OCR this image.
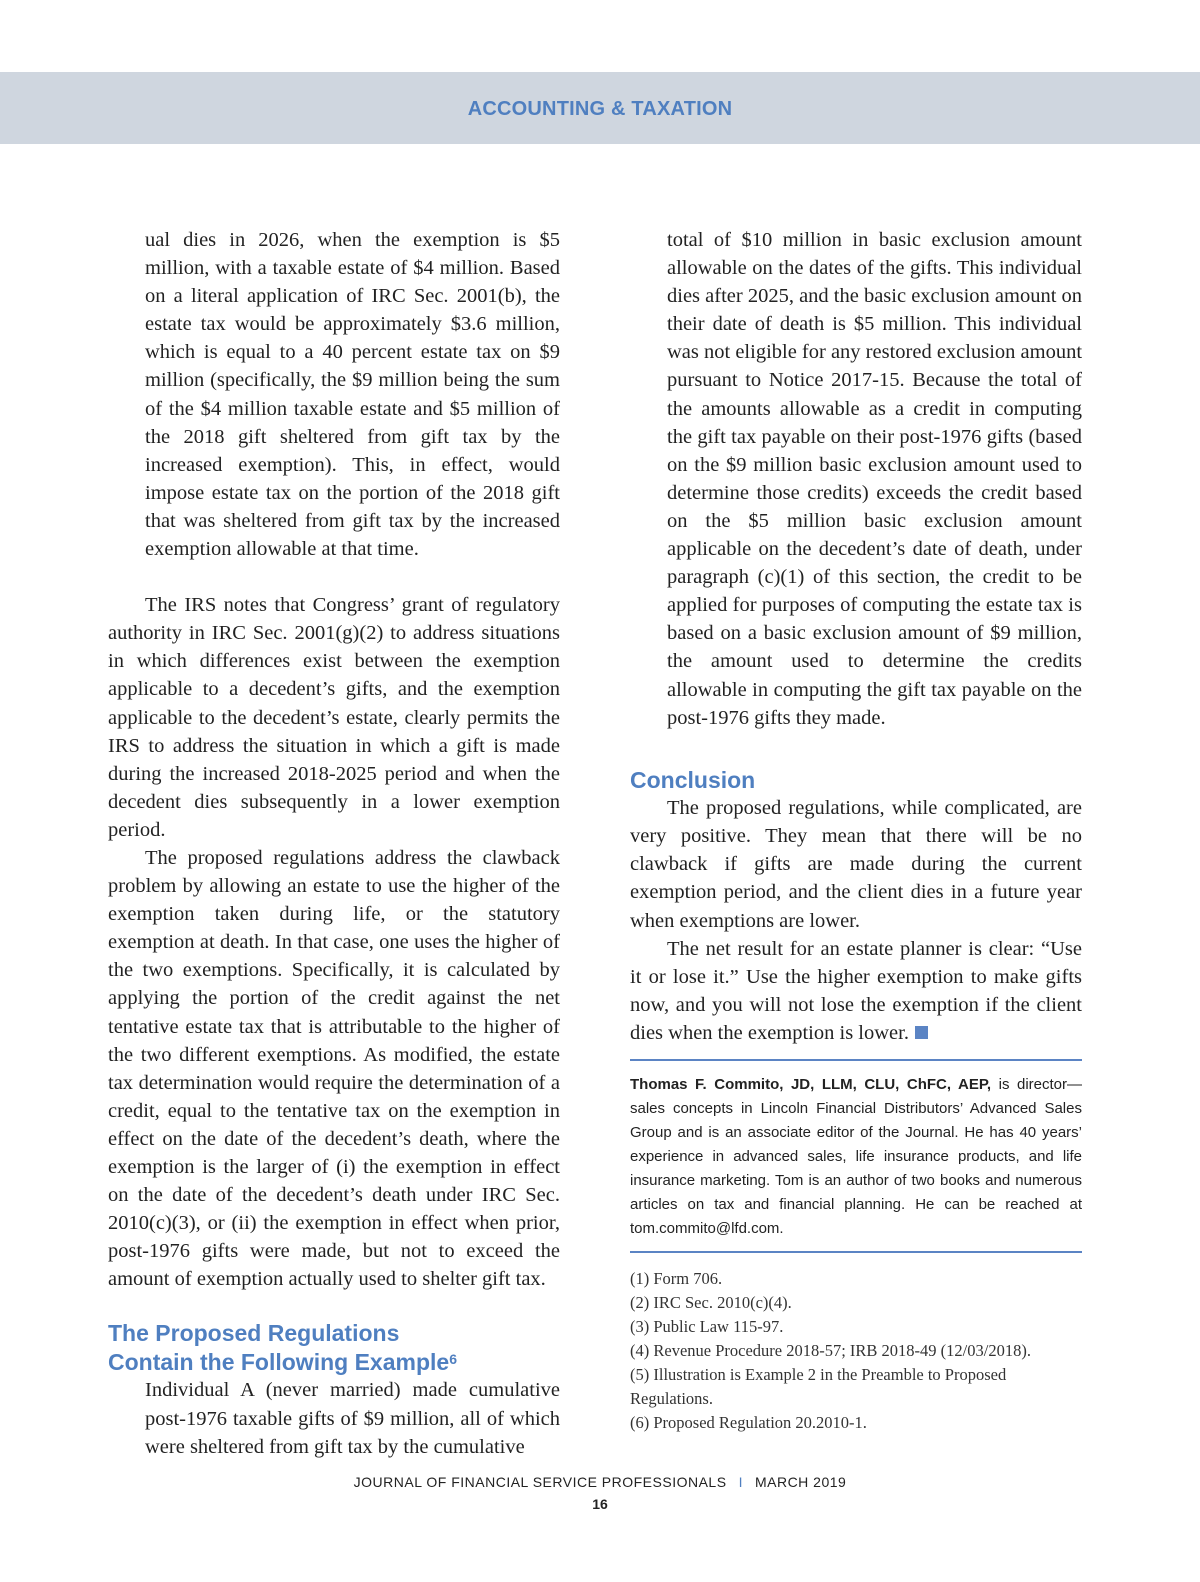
ACCOUNTING & TAXATION

ual dies in 2026, when the exemption is $5 million, with a taxable estate of $4 million. Based on a literal application of IRC Sec. 2001(b), the estate tax would be approximately $3.6 million, which is equal to a 40 percent estate tax on $9 million (specifically, the $9 million being the sum of the $4 million taxable estate and $5 million of the 2018 gift sheltered from gift tax by the increased exemption). This, in effect, would impose estate tax on the portion of the 2018 gift that was sheltered from gift tax by the increased exemption allowable at that time.

The IRS notes that Congress’ grant of regulatory authority in IRC Sec. 2001(g)(2) to address situations in which differences exist between the exemption applicable to a decedent’s gifts, and the exemption applicable to the decedent’s estate, clearly permits the IRS to address the situation in which a gift is made during the increased 2018-2025 period and when the decedent dies subsequently in a lower exemption period.

The proposed regulations address the clawback problem by allowing an estate to use the higher of the exemption taken during life, or the statutory exemption at death. In that case, one uses the higher of the two exemptions. Specifically, it is calculated by applying the portion of the credit against the net tentative estate tax that is attributable to the higher of the two different exemptions. As modified, the estate tax determination would require the determination of a credit, equal to the tentative tax on the exemption in effect on the date of the decedent’s death, where the exemption is the larger of (i) the exemption in effect on the date of the decedent’s death under IRC Sec. 2010(c)(3), or (ii) the exemption in effect when prior, post-1976 gifts were made, but not to exceed the amount of exemption actually used to shelter gift tax.

The Proposed Regulations
Contain the Following Example$^6$

Individual A (never married) made cumulative post-1976 taxable gifts of $9 million, all of which were sheltered from gift tax by the cumulative

total of $10 million in basic exclusion amount allowable on the dates of the gifts. This individual dies after 2025, and the basic exclusion amount on their date of death is $5 million. This individual was not eligible for any restored exclusion amount pursuant to Notice 2017-15. Because the total of the amounts allowable as a credit in computing the gift tax payable on their post-1976 gifts (based on the $9 million basic exclusion amount used to determine those credits) exceeds the credit based on the $5 million basic exclusion amount applicable on the decedent’s date of death, under paragraph (c)(1) of this section, the credit to be applied for purposes of computing the estate tax is based on a basic exclusion amount of $9 million, the amount used to determine the credits allowable in computing the gift tax payable on the post-1976 gifts they made.

Conclusion

The proposed regulations, while complicated, are very positive. They mean that there will be no clawback if gifts are made during the current exemption period, and the client dies in a future year when exemptions are lower.

The net result for an estate planner is clear: “Use it or lose it.” Use the higher exemption to make gifts now, and you will not lose the exemption if the client dies when the exemption is lower.

Thomas F. Commito, JD, LLM, CLU, ChFC, AEP, is director—sales concepts in Lincoln Financial Distributors’ Advanced Sales Group and is an associate editor of the Journal. He has 40 years’ experience in advanced sales, life insurance products, and life insurance marketing. Tom is an author of two books and numerous articles on tax and financial planning. He can be reached at tom.commito@lfd.com.
(1) Form 706.
(2) IRC Sec. 2010(c)(4).
(3) Public Law 115-97.
(4) Revenue Procedure 2018-57; IRB 2018-49 (12/03/2018).
(5) Illustration is Example 2 in the Preamble to Proposed Regulations.
(6) Proposed Regulation 20.2010-1.
JOURNAL OF FINANCIAL SERVICE PROFESSIONALS I MARCH 2019
16
